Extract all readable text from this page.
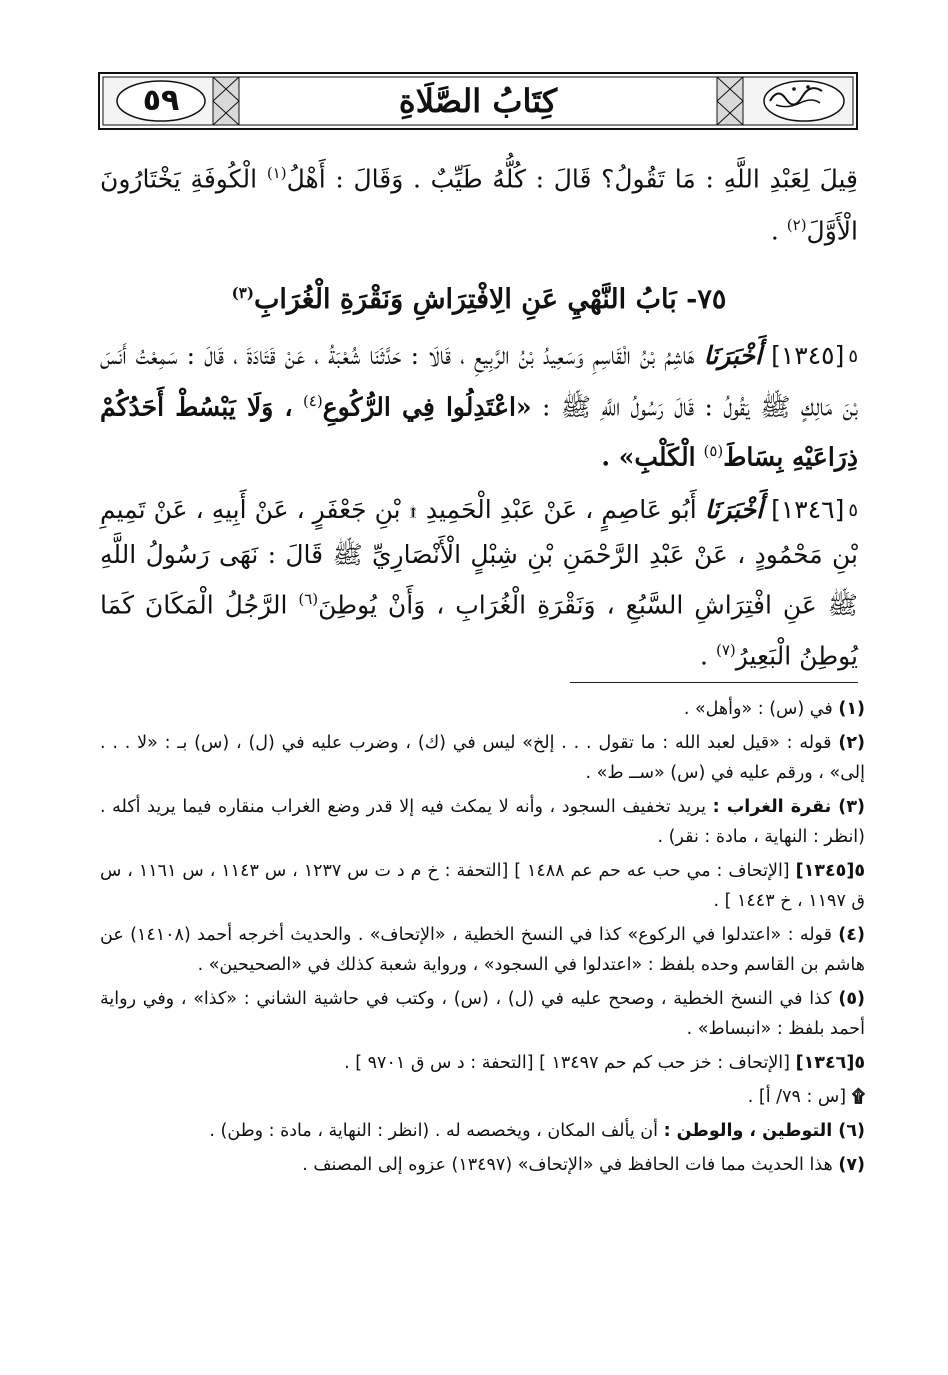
٥٩	كِتَابُ الصَّلَاةِ

قِيلَ لِعَبْدِ اللَّهِ : مَا تَقُولُ؟ قَالَ : كُلُّهُ طَيِّبٌ . وَقَالَ : أَهْلُ$^{(١)}$ الْكُوفَةِ يَخْتَارُونَ الْأَوَّلَ$^{(٢)}$ .

٧٥- بَابُ النَّهْيِ عَنِ الِافْتِرَاشِ وَنَقْرَةِ الْغُرَابِ$^{(٣)}$

٥[١٣٤٥] أَخْبَرَنَا هَاشِمُ بْنُ الْقَاسِمِ وَسَعِيدُ بْنُ الرَّبِيعِ ، قَالَا : حَدَّثَنَا شُعْبَةُ ، عَنْ قَتَادَةَ ، قَالَ : سَمِعْتُ أَنَسَ بْنَ مَالِكٍ ﷺ يَقُولُ : قَالَ رَسُولُ اللَّهِ ﷺ : «اعْتَدِلُوا فِي الرُّكُوعِ$^{(٤)}$ ، وَلَا يَبْسُطْ أَحَدُكُمْ ذِرَاعَيْهِ بِسَاطَ$^{(٥)}$ الْكَلْبِ» .

٥[١٣٤٦] أَخْبَرَنَا أَبُو عَاصِمٍ ، عَنْ عَبْدِ الْحَمِيدِ ۩ بْنِ جَعْفَرٍ ، عَنْ أَبِيهِ ، عَنْ تَمِيمِ بْنِ مَحْمُودٍ ، عَنْ عَبْدِ الرَّحْمَنِ بْنِ شِبْلٍ الْأَنْصَارِيِّ ﷺ قَالَ : نَهَى رَسُولُ اللَّهِ ﷺ عَنِ افْتِرَاشِ السَّبُعِ ، وَنَقْرَةِ الْغُرَابِ ، وَأَنْ يُوطِنَ$^{(٦)}$ الرَّجُلُ الْمَكَانَ كَمَا يُوطِنُ الْبَعِيرُ$^{(٧)}$ .

(١) في (س) : «وأهل» .

(٢) قوله : «قيل لعبد الله : ما تقول . . . إلخ» ليس في (ك) ، وضرب عليه في (ل) ، (س) بـ : «لا . . . إلى» ، ورقم عليه في (س) «ســ ط» .

(٣) نقرة الغراب : يريد تخفيف السجود ، وأنه لا يمكث فيه إلا قدر وضع الغراب منقاره فيما يريد أكله . (انظر : النهاية ، مادة : نقر) .

٥[١٣٤٥] [الإتحاف : مي حب عه حم عم ١٤٨٨ ] [التحفة : خ م د ت س ١٢٣٧ ، س ١١٤٣ ، س ١١٦١ ، س ق ١١٩٧ ، خ ١٤٤٣ ] .

(٤) قوله : «اعتدلوا في الركوع» كذا في النسخ الخطية ، «الإتحاف» . والحديث أخرجه أحمد (١٤١٠٨) عن هاشم بن القاسم وحده بلفظ : «اعتدلوا في السجود» ، ورواية شعبة كذلك في «الصحيحين» .

(٥) كذا في النسخ الخطية ، وصحح عليه في (ل) ، (س) ، وكتب في حاشية الشاني : «كذا» ، وفي رواية أحمد بلفظ : «انبساط» .

٥[١٣٤٦] [الإتحاف : خز حب كم حم ١٣٤٩٧ ] [التحفة : د س ق ٩٧٠١ ] .

۩ [س : ٧٩/ أ] .

(٦) التوطين ، والوطن : أن يألف المكان ، ويخصصه له . (انظر : النهاية ، مادة : وطن) .

(٧) هذا الحديث مما فات الحافظ في «الإتحاف» (١٣٤٩٧) عزوه إلى المصنف .
